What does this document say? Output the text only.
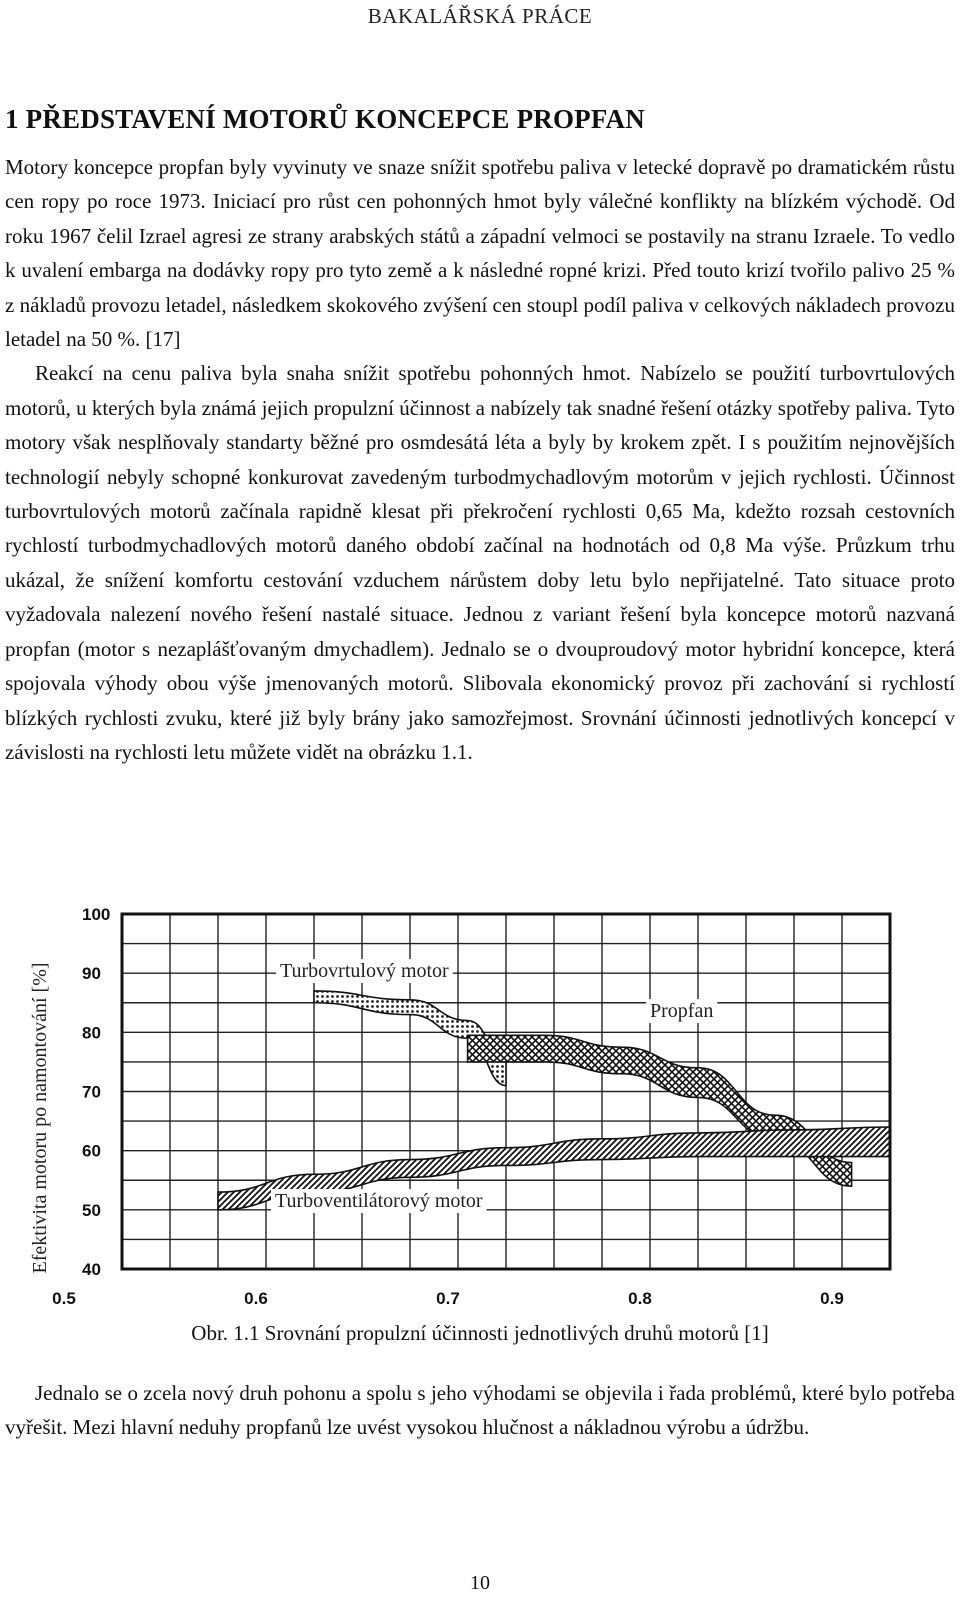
BAKALÁŘSKÁ PRÁCE
1 PŘEDSTAVENÍ MOTORŮ KONCEPCE PROPFAN

Motory koncepce propfan byly vyvinuty ve snaze snížit spotřebu paliva v letecké dopravě po dramatickém růstu cen ropy po roce 1973. Iniciací pro růst cen pohonných hmot byly válečné konflikty na blízkém východě. Od roku 1967 čelil Izrael agresi ze strany arabských států a západní velmoci se postavily na stranu Izraele. To vedlo k uvalení embarga na dodávky ropy pro tyto země a k následné ropné krizi. Před touto krizí tvořilo palivo 25 % z nákladů provozu letadel, následkem skokového zvýšení cen stoupl podíl paliva v celkových nákladech provozu letadel na 50 %. [17]

Reakcí na cenu paliva byla snaha snížit spotřebu pohonných hmot. Nabízelo se použití turbovrtulových motorů, u kterých byla známá jejich propulzní účinnost a nabízely tak snadné řešení otázky spotřeby paliva. Tyto motory však nesplňovaly standarty běžné pro osmdesátá léta a byly by krokem zpět. I s použitím nejnovějších technologií nebyly schopné konkurovat zavedeným turbodmychadlovým motorům v jejich rychlosti. Účinnost turbovrtulových motorů začínala rapidně klesat při překročení rychlosti 0,65 Ma, kdežto rozsah cestovních rychlostí turbodmychadlových motorů daného období začínal na hodnotách od 0,8 Ma výše. Průzkum trhu ukázal, že snížení komfortu cestování vzduchem nárůstem doby letu bylo nepřijatelné. Tato situace proto vyžadovala nalezení nového řešení nastalé situace. Jednou z variant řešení byla koncepce motorů nazvaná propfan (motor s nezaplášťovaným dmychadlem). Jednalo se o dvouproudový motor hybridní koncepce, která spojovala výhody obou výše jmenovaných motorů. Slibovala ekonomický provoz při zachování si rychlostí blízkých rychlosti zvuku, které již byly brány jako samozřejmost. Srovnání účinnosti jednotlivých koncepcí v závislosti na rychlosti letu můžete vidět na obrázku 1.1.

Turbovrtulový motor
Propfan
Turboventilátorový motor
100
90
80
70
60
50
40
0.5	0.6	0.7	0.8	0.9
Efektivita motoru po namontování [%]
Obr. 1.1 Srovnání propulzní účinnosti jednotlivých druhů motorů [1]

Jednalo se o zcela nový druh pohonu a spolu s jeho výhodami se objevila i řada problémů, které bylo potřeba vyřešit. Mezi hlavní neduhy propfanů lze uvést vysokou hlučnost a nákladnou výrobu a údržbu.

10
